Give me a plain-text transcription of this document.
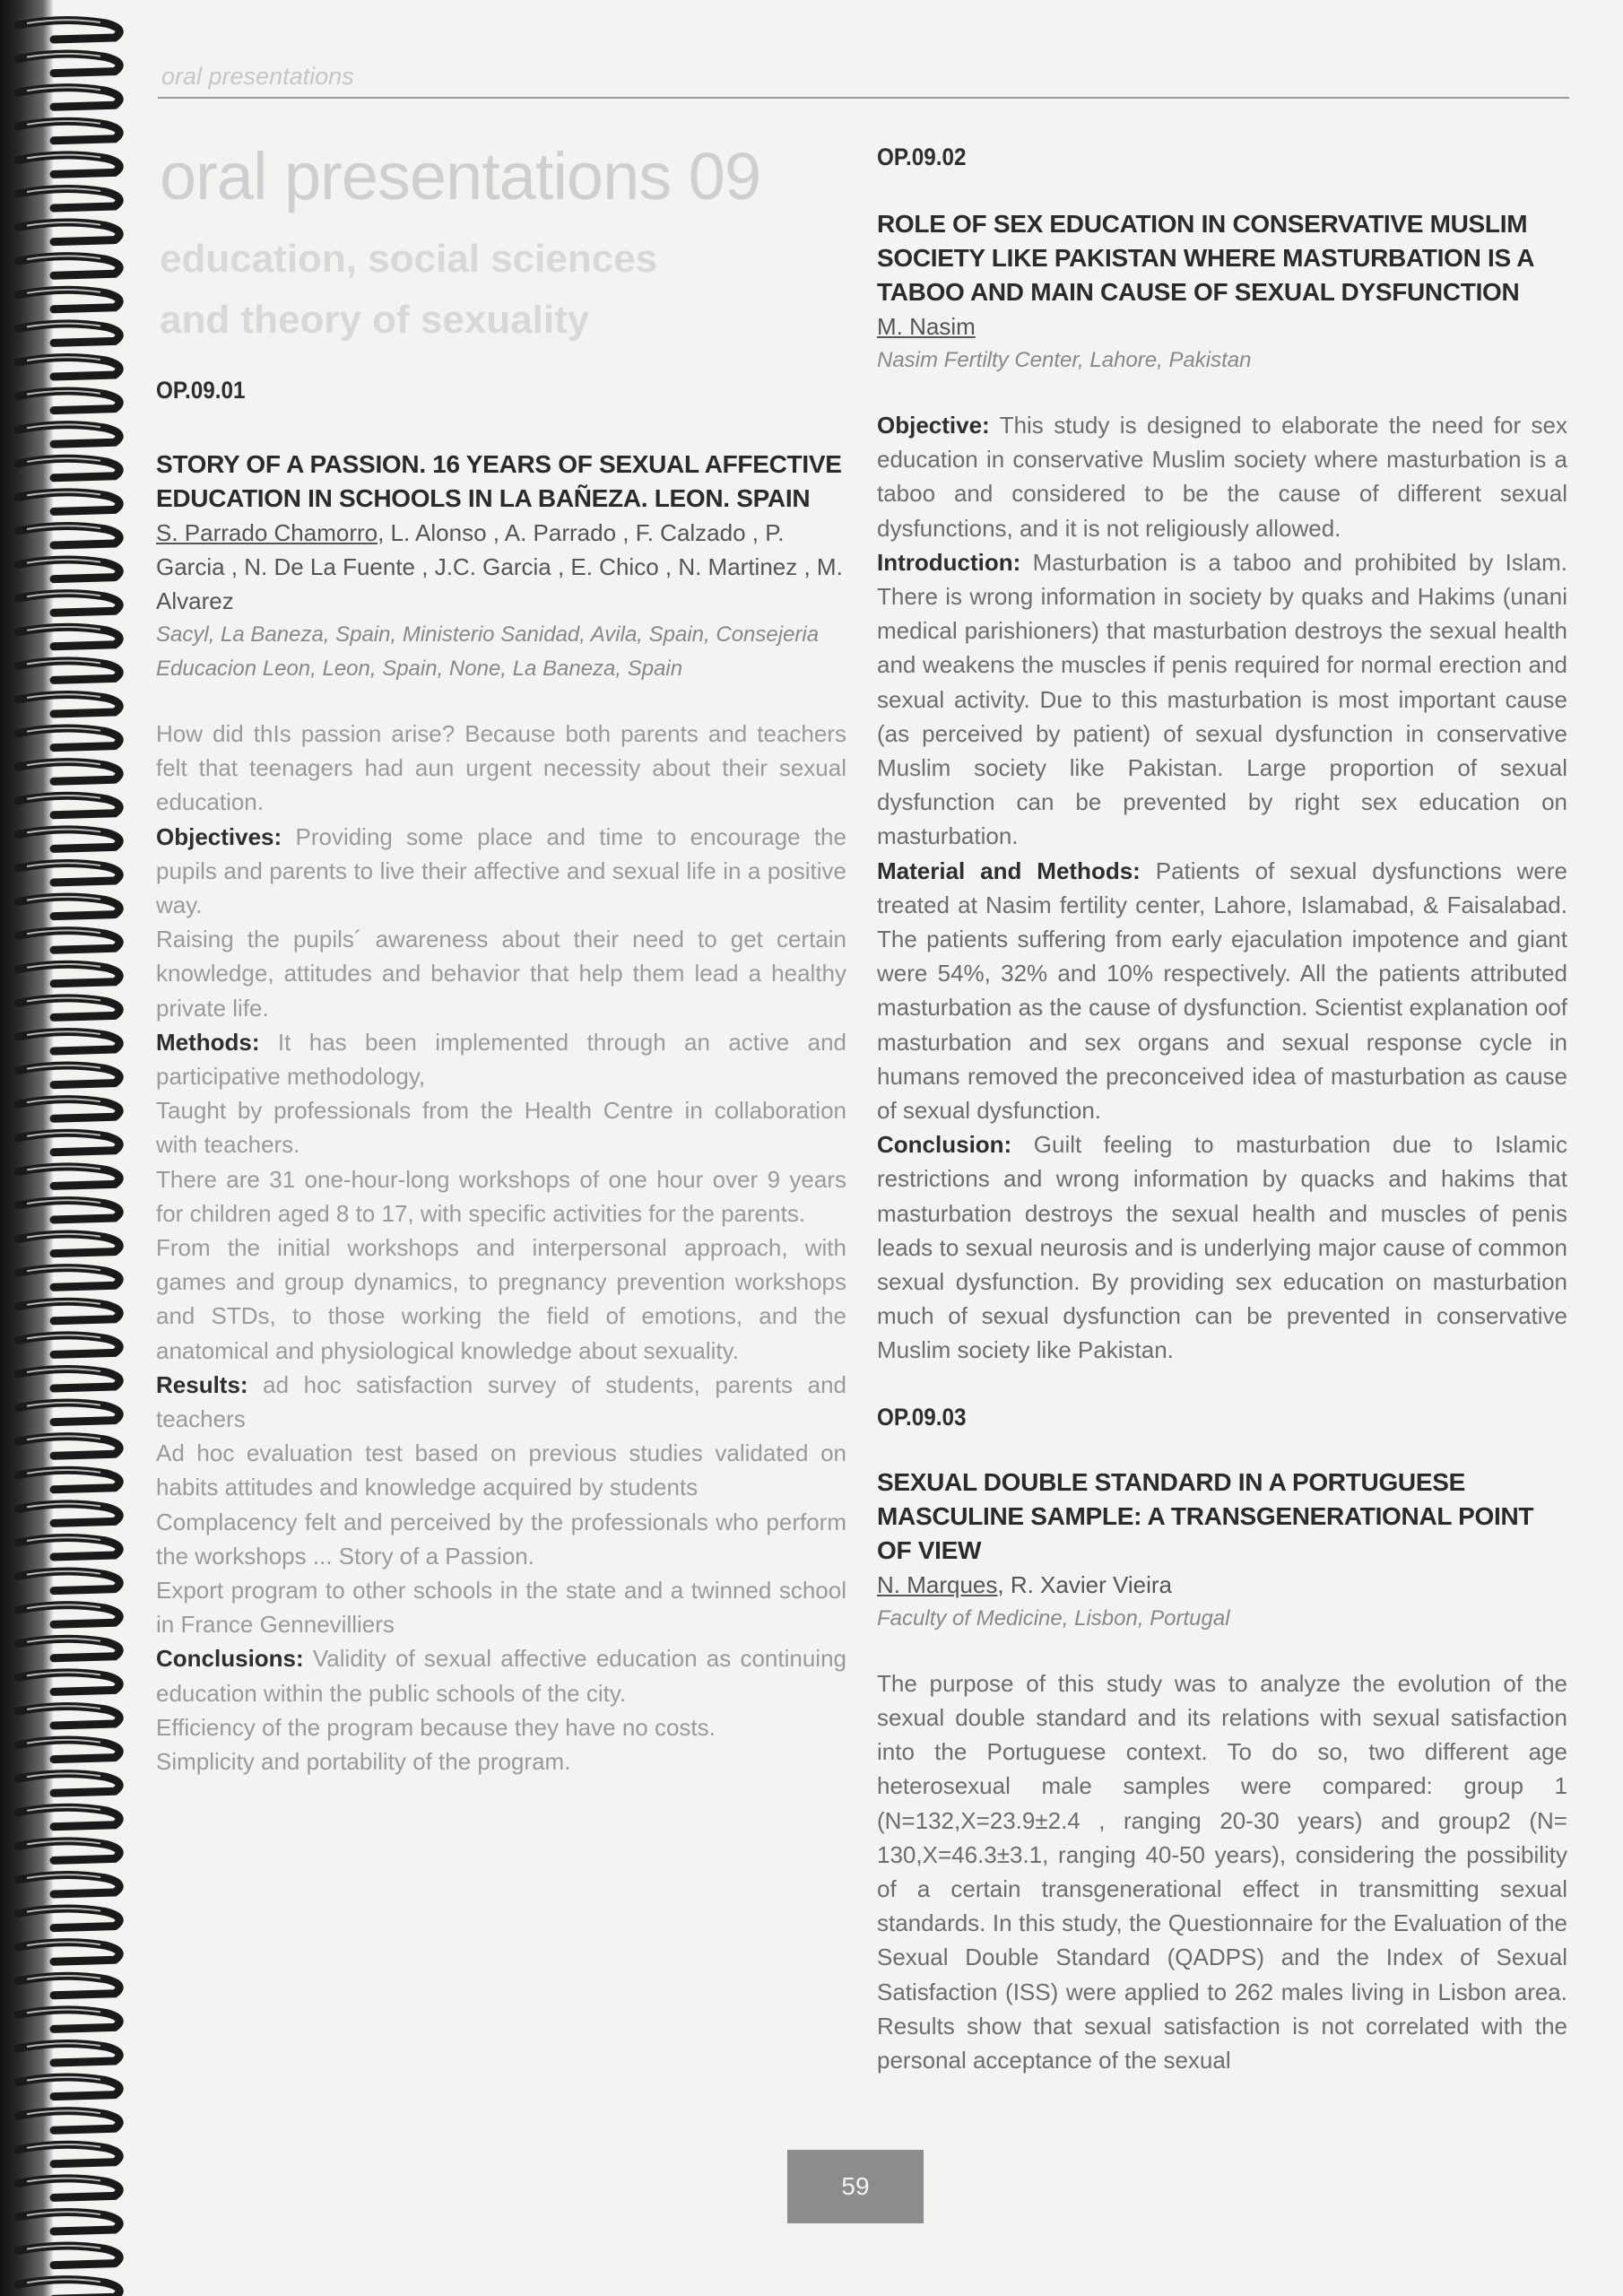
oral presentations
oral presentations 09
education, social sciences
and theory of sexuality

OP.09.01

STORY OF A PASSION. 16 YEARS OF SEXUAL AFFECTIVE EDUCATION IN SCHOOLS IN LA BAÑEZA. LEON. SPAIN

S. Parrado Chamorro, L. Alonso , A. Parrado , F. Calzado , P. Garcia , N. De La Fuente , J.C. Garcia , E. Chico , N. Martinez , M. Alvarez

Sacyl, La Baneza, Spain, Ministerio Sanidad, Avila, Spain, Consejeria Educacion Leon, Leon, Spain, None, La Baneza, Spain

How did thIs passion arise? Because both parents and teachers felt that teenagers had aun urgent necessity about their sexual education.

Objectives: Providing some place and time to encourage the pupils and parents to live their affective and sexual life in a positive way.

Raising the pupils´ awareness about their need to get certain knowledge, attitudes and behavior that help them lead a healthy private life.

Methods: It has been implemented through an active and participative methodology,

Taught by professionals from the Health Centre in collaboration with teachers.

There are 31 one-hour-long workshops of one hour over 9 years for children aged 8 to 17, with specific activities for the parents.

From the initial workshops and interpersonal approach, with games and group dynamics, to pregnancy prevention workshops and STDs, to those working the field of emotions, and the anatomical and physiological knowledge about sexuality.

Results: ad hoc satisfaction survey of students, parents and teachers

Ad hoc evaluation test based on previous studies validated on habits attitudes and knowledge acquired by students

Complacency felt and perceived by the professionals who perform the workshops ... Story of a Passion.

Export program to other schools in the state and a twinned school in France Gennevilliers

Conclusions: Validity of sexual affective education as continuing education within the public schools of the city.

Efficiency of the program because they have no costs.

Simplicity and portability of the program.

OP.09.02

ROLE OF SEX EDUCATION IN CONSERVATIVE MUSLIM SOCIETY LIKE PAKISTAN WHERE MASTURBATION IS A TABOO AND MAIN CAUSE OF SEXUAL DYSFUNCTION

M. Nasim

Nasim Fertilty Center, Lahore, Pakistan

Objective: This study is designed to elaborate the need for sex education in conservative Muslim society where masturbation is a taboo and considered to be the cause of different sexual dysfunctions, and it is not religiously allowed.

Introduction: Masturbation is a taboo and prohibited by Islam. There is wrong information in society by quaks and Hakims (unani medical parishioners) that masturbation destroys the sexual health and weakens the muscles if penis required for normal erection and sexual activity. Due to this masturbation is most important cause (as perceived by patient) of sexual dysfunction in conservative Muslim society like Pakistan. Large proportion of sexual dysfunction can be prevented by right sex education on masturbation.

Material and Methods: Patients of sexual dysfunctions were treated at Nasim fertility center, Lahore, Islamabad, & Faisalabad. The patients suffering from early ejaculation impotence and giant were 54%, 32% and 10% respectively. All the patients attributed masturbation as the cause of dysfunction. Scientist explanation oof masturbation and sex organs and sexual response cycle in humans removed the preconceived idea of masturbation as cause of sexual dysfunction.

Conclusion: Guilt feeling to masturbation due to Islamic restrictions and wrong information by quacks and hakims that masturbation destroys the sexual health and muscles of penis leads to sexual neurosis and is underlying major cause of common sexual dysfunction. By providing sex education on masturbation much of sexual dysfunction can be prevented in conservative Muslim society like Pakistan.

OP.09.03

SEXUAL DOUBLE STANDARD IN A PORTUGUESE MASCULINE SAMPLE: A TRANSGENERATIONAL POINT OF VIEW

N. Marques, R. Xavier Vieira

Faculty of Medicine, Lisbon, Portugal

The purpose of this study was to analyze the evolution of the sexual double standard and its relations with sexual satisfaction into the Portuguese context. To do so, two different age heterosexual male samples were compared: group 1 (N=132,X=23.9±2.4 , ranging 20-30 years) and group2 (N= 130,X=46.3±3.1, ranging 40-50 years), considering the possibility of a certain transgenerational effect in transmitting sexual standards. In this study, the Questionnaire for the Evaluation of the Sexual Double Standard (QADPS) and the Index of Sexual Satisfaction (ISS) were applied to 262 males living in Lisbon area. Results show that sexual satisfaction is not correlated with the personal acceptance of the sexual

59
